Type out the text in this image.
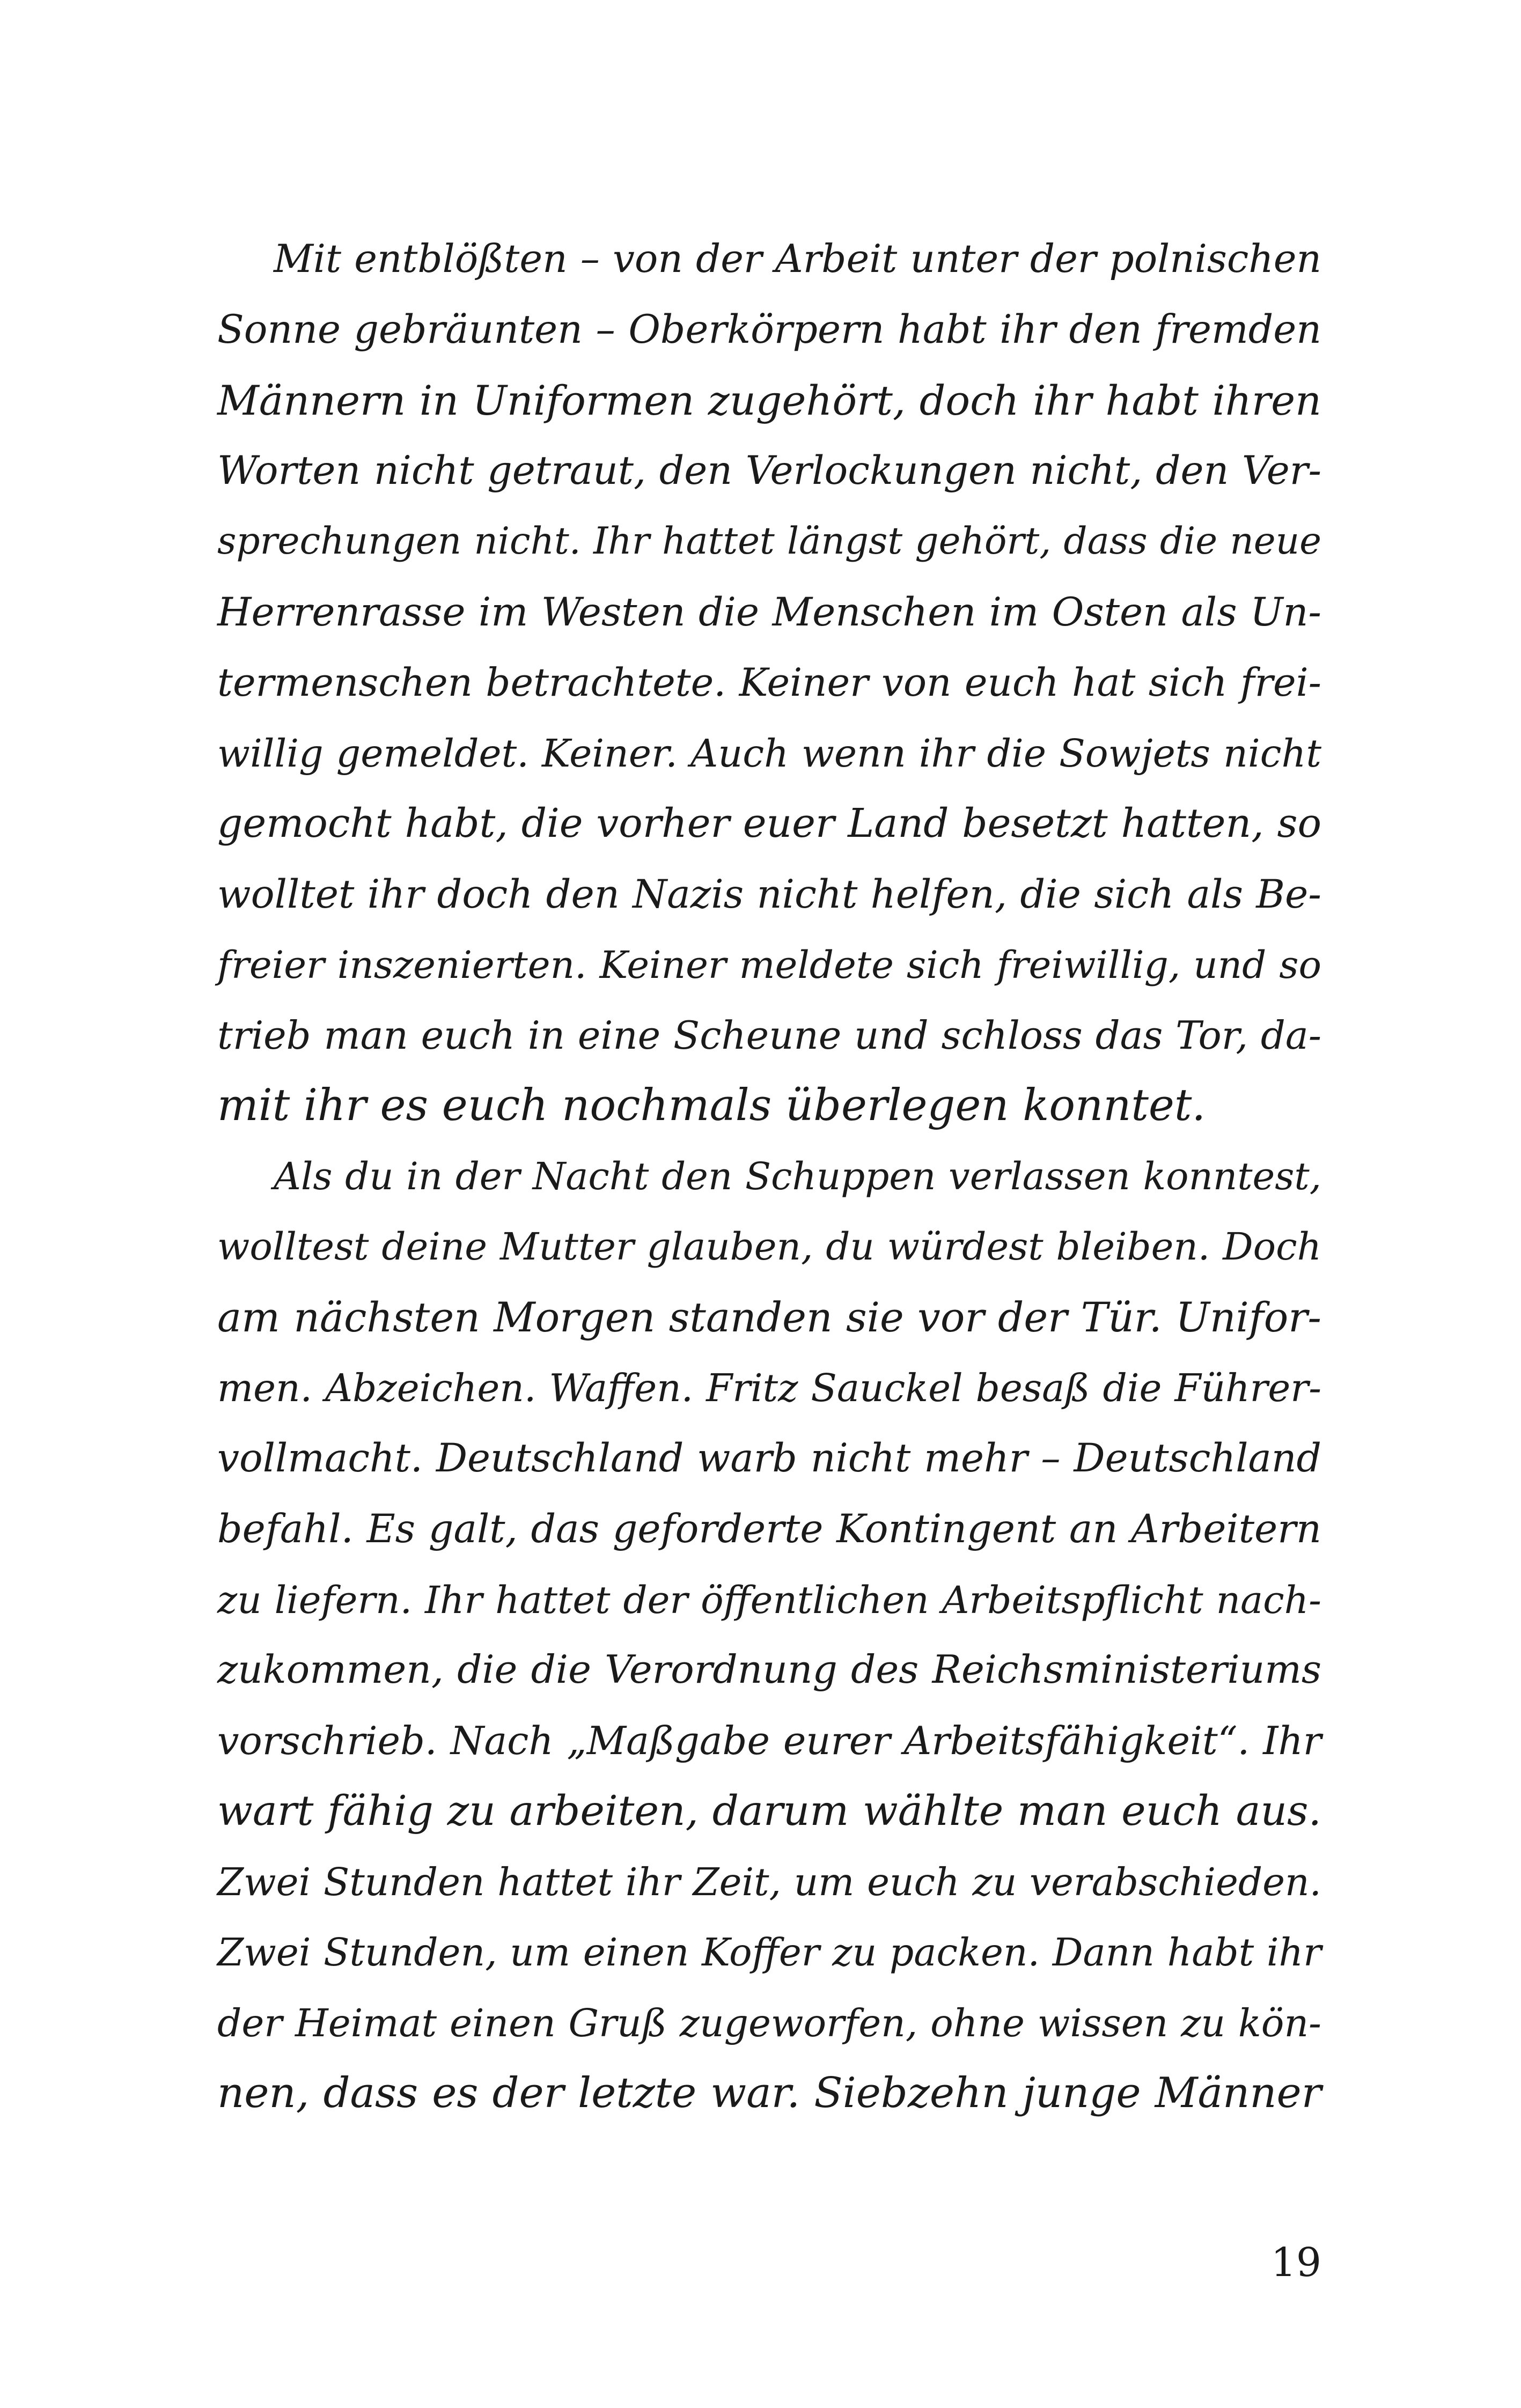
Mit entblößten – von der Arbeit unter der polnischen
Sonne gebräunten – Oberkörpern habt ihr den fremden
Männern in Uniformen zugehört, doch ihr habt ihren
Worten nicht getraut, den Verlockungen nicht, den Ver-
sprechungen nicht. Ihr hattet längst gehört, dass die neue
Herrenrasse im Westen die Menschen im Osten als Un-
termenschen betrachtete. Keiner von euch hat sich frei-
willig gemeldet. Keiner. Auch wenn ihr die Sowjets nicht
gemocht habt, die vorher euer Land besetzt hatten, so
wolltet ihr doch den Nazis nicht helfen, die sich als Be-
freier inszenierten. Keiner meldete sich freiwillig, und so
trieb man euch in eine Scheune und schloss das Tor, da-
mit ihr es euch nochmals überlegen konntet.
Als du in der Nacht den Schuppen verlassen konntest,
wolltest deine Mutter glauben, du würdest bleiben. Doch
am nächsten Morgen standen sie vor der Tür. Unifor-
men. Abzeichen. Waffen. Fritz Sauckel besaß die Führer-
vollmacht. Deutschland warb nicht mehr – Deutschland
befahl. Es galt, das geforderte Kontingent an Arbeitern
zu liefern. Ihr hattet der öffentlichen Arbeitspflicht nach-
zukommen, die die Verordnung des Reichsministeriums
vorschrieb. Nach „Maßgabe eurer Arbeitsfähigkeit“. Ihr
wart fähig zu arbeiten, darum wählte man euch aus.
Zwei Stunden hattet ihr Zeit, um euch zu verabschieden.
Zwei Stunden, um einen Koffer zu packen. Dann habt ihr
der Heimat einen Gruß zugeworfen, ohne wissen zu kön-
nen, dass es der letzte war. Siebzehn junge Männer
19
